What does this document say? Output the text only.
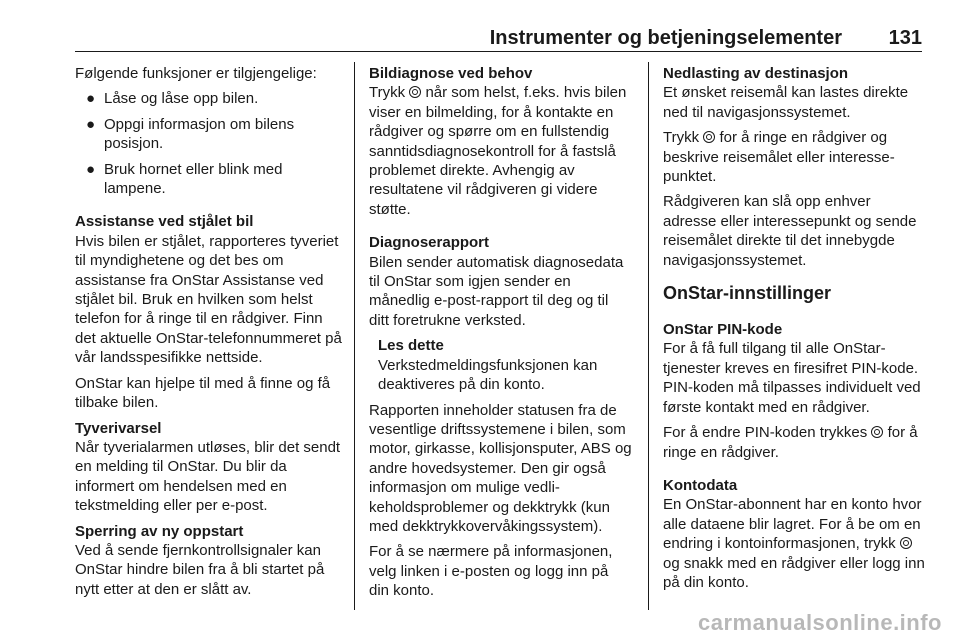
Instrumenter og betjeningselementer 131

Følgende funksjoner er tilgjengelige:

● Låse og låse opp bilen.
● Oppgi informasjon om bilens posisjon.
● Bruk hornet eller blink med lampene.

Assistanse ved stjålet bil

Hvis bilen er stjålet, rapporteres tyveriet til myndighetene og det bes om assistanse fra OnStar Assistanse ved stjålet bil. Bruk en hvilken som helst telefon for å ringe til en rådgiver. Finn det aktuelle OnStar-telefonnummeret på vår landsspesifikke nettside.

OnStar kan hjelpe til med å finne og få tilbake bilen.

Tyverivarsel

Når tyverialarmen utløses, blir det sendt en melding til OnStar. Du blir da informert om hendelsen med en tekstmelding eller per e-post.

Sperring av ny oppstart

Ved å sende fjernkontrollsignaler kan OnStar hindre bilen fra å bli startet på nytt etter at den er slått av.

Bildiagnose ved behov

Trykk når som helst, f.eks. hvis bilen viser en bilmelding, for å kontakte en rådgiver og spørre om en fullstendig sanntidsdiagnosekontroll for å fastslå problemet direkte. Avhengig av resultatene vil rådgiveren gi videre støtte.

Diagnoserapport

Bilen sender automatisk diagnosedata til OnStar som igjen sender en månedlig e-post-rapport til deg og til ditt foretrukne verksted.

Les dette
Verkstedmeldingsfunksjonen kan deaktiveres på din konto.

Rapporten inneholder statusen fra de vesentlige driftssystemene i bilen, som motor, girkasse, kollisjonsputer, ABS og andre hovedsystemer. Den gir også informasjon om mulige vedlikeholdsproblemer og dekktrykk (kun med dekktrykkovervåkingssystem).

For å se nærmere på informasjonen, velg linken i e-posten og logg inn på din konto.

Nedlasting av destinasjon

Et ønsket reisemål kan lastes direkte ned til navigasjonssystemet.

Trykk for å ringe en rådgiver og beskrive reisemålet eller interessepunktet.

Rådgiveren kan slå opp enhver adresse eller interessepunkt og sende reisemålet direkte til det innebygde navigasjonssystemet.

OnStar-innstillinger

OnStar PIN-kode

For å få full tilgang til alle OnStar-tjenester kreves en firesifret PIN-kode. PIN-koden må tilpasses individuelt ved første kontakt med en rådgiver.

For å endre PIN-koden trykkes for å ringe en rådgiver.

Kontodata

En OnStar-abonnent har en konto hvor alle dataene blir lagret. For å be om en endring i kontoinformasjonen, trykk  og snakk med en rådgiver eller logg inn på din konto.

carmanualsonline.info
